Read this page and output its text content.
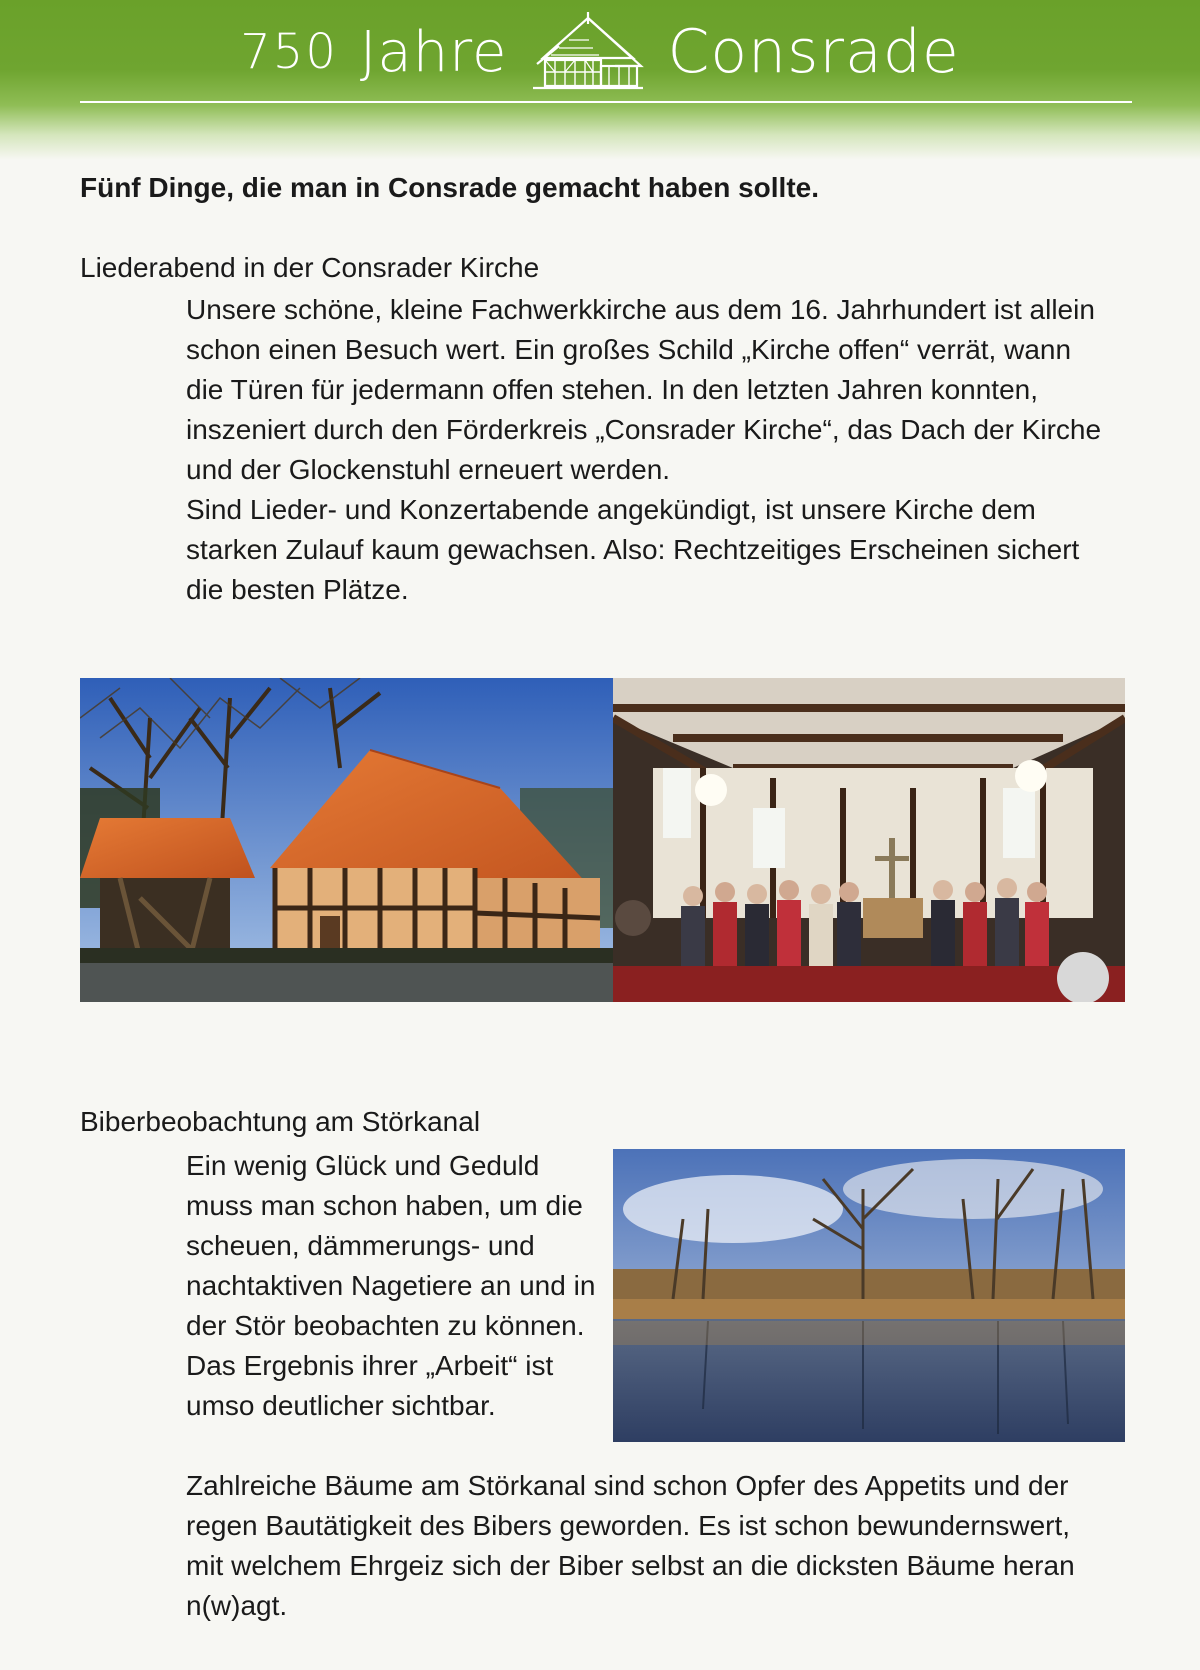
750 Jahre	Consrade
Fünf Dinge, die man in Consrade gemacht haben sollte.
Liederabend in der Consrader Kirche

Unsere schöne, kleine Fachwerkkirche aus dem 16. Jahrhundert ist allein schon einen Besuch wert. Ein großes Schild „Kirche offen“ verrät, wann die Türen für jedermann offen stehen. In den letzten Jahren konnten, inszeniert durch den Förderkreis „Consrader Kirche“, das Dach der Kirche und der Glockenstuhl erneuert werden.

Sind Lieder- und Konzertabende angekündigt, ist unsere Kirche dem starken Zulauf kaum gewachsen. Also: Rechtzeitiges Erscheinen sichert die besten Plätze.

Biberbeobachtung am Störkanal

Ein wenig Glück und Geduld muss man schon haben, um die scheuen, dämmerungs- und nachtaktiven Nagetiere an und in der Stör beobachten zu können.

Das Ergebnis ihrer „Arbeit“ ist umso deutlicher sichtbar.

Zahlreiche Bäume am Störkanal sind schon Opfer des Appetits und der regen Bautätigkeit des Bibers geworden. Es ist schon bewundernswert, mit welchem Ehrgeiz sich der Biber selbst an die dicksten Bäume heran n(w)agt.
